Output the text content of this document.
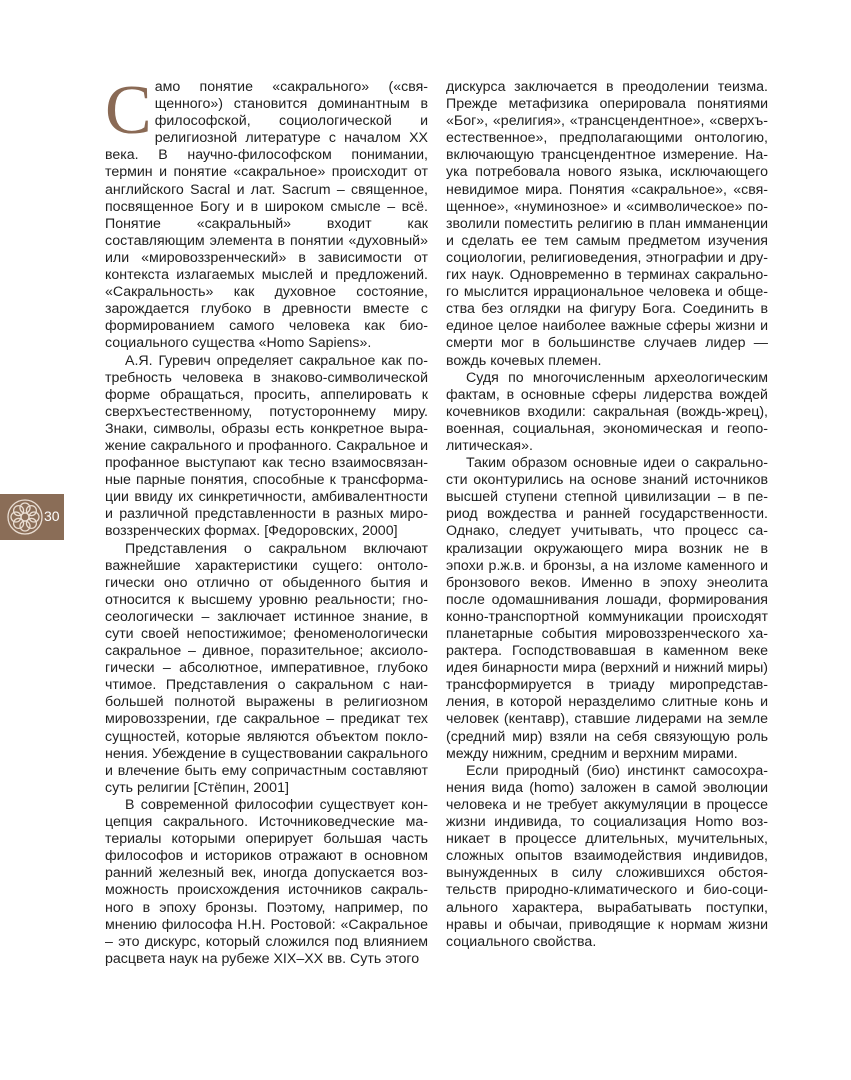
Само понятие «сакрального» («священного») становится доминантным в философской, социологической и религиозной литературе с началом XX века. В научно-философском понимании, термин и понятие «сакральное» происходит от английского Sacral и лат. Sacrum – священное, посвященное Богу и в широком смысле – всё. Понятие «сакральный» входит как составляющим элемента в понятии «духовный» или «мировоззренческий» в зависимости от контекста излагаемых мыслей и предложений. «Сакральность» как духовное состояние, зарождается глубоко в древности вместе с формированием самого человека как био-социального существа «Homo Sapiens».

А.Я. Гуревич определяет сакральное как потребность человека в знаково-символической форме обращаться, просить, аппелировать к сверхъестественному, потустороннему миру. Знаки, символы, образы есть конкретное выражение сакрального и профанного. Сакральное и профанное выступают как тесно взаимосвязанные парные понятия, способные к трансформации ввиду их синкретичности, амбивалентности и различной представленности в разных мировоззренческих формах. [Федоровских, 2000]

Представления о сакральном включают важнейшие характеристики сущего: онтологически оно отлично от обыденного бытия и относится к высшему уровню реальности; гносеологически – заключает истинное знание, в сути своей непостижимое; феноменологически сакральное – дивное, поразительное; аксиологически – абсолютное, императивное, глубоко чтимое. Представления о сакральном с наибольшей полнотой выражены в религиозном мировоззрении, где сакральное – предикат тех сущностей, которые являются объектом поклонения. Убеждение в существовании сакрального и влечение быть ему сопричастным составляют суть религии [Стёпин, 2001]

В современной философии существует концепция сакрального. Источниковедческие материалы которыми оперирует большая часть философов и историков отражают в основном ранний железный век, иногда допускается возможность происхождения источников сакрального в эпоху бронзы. Поэтому, например, по мнению философа Н.Н. Ростовой: «Сакральное – это дискурс, который сложился под влиянием расцвета наук на рубеже XIX–XX вв. Суть этого

дискурса заключается в преодолении теизма. Прежде метафизика оперировала понятиями «Бог», «религия», «трансцендентное», «сверхъестественное», предполагающими онтологию, включающую трансцендентное измерение. Наука потребовала нового языка, исключающего невидимое мира. Понятия «сакральное», «священное», «нуминозное» и «символическое» позволили поместить религию в план имманенции и сделать ее тем самым предметом изучения социологии, религиоведения, этнографии и других наук. Одновременно в терминах сакрального мыслится иррациональное человека и общества без оглядки на фигуру Бога. Соединить в единое целое наиболее важные сферы жизни и смерти мог в большинстве случаев лидер — вождь кочевых племен.

Судя по многочисленным археологическим фактам, в основные сферы лидерства вождей кочевников входили: сакральная (вождь-жрец), военная, социальная, экономическая и геополитическая».

Таким образом основные идеи о сакральности оконтурились на основе знаний источников высшей ступени степной цивилизации – в период вождества и ранней государственности. Однако, следует учитывать, что процесс сакрализации окружающего мира возник не в эпохи р.ж.в. и бронзы, а на изломе каменного и бронзового веков. Именно в эпоху энеолита после одомашнивания лошади, формирования конно-транспортной коммуникации происходят планетарные события мировоззренческого характера. Господствовавшая в каменном веке идея бинарности мира (верхний и нижний миры) трансформируется в триаду миропредставления, в которой неразделимо слитные конь и человек (кентавр), ставшие лидерами на земле (средний мир) взяли на себя связующую роль между нижним, средним и верхним мирами.

Если природный (био) инстинкт самосохранения вида (homo) заложен в самой эволюции человека и не требует аккумуляции в процессе жизни индивида, то социализация Homo возникает в процессе длительных, мучительных, сложных опытов взаимодействия индивидов, вынужденных в силу сложившихся обстоятельств природно-климатического и био-социального характера, вырабатывать поступки, нравы и обычаи, приводящие к нормам жизни социального свойства.

30
